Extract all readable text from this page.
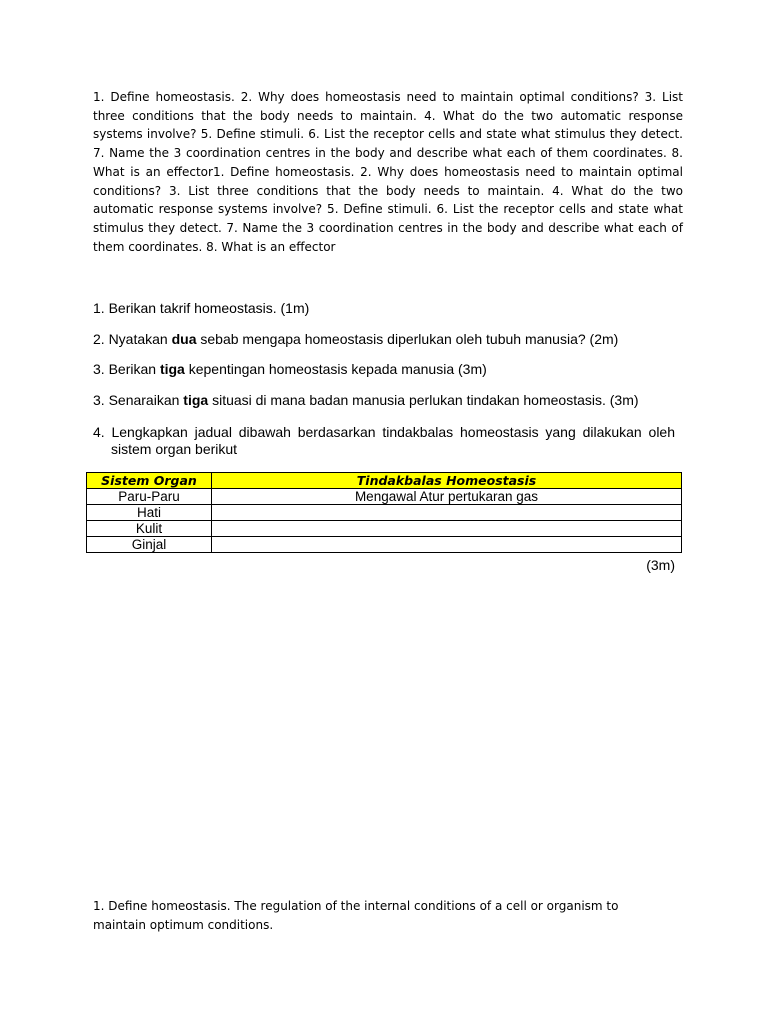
1. Define homeostasis. 2. Why does homeostasis need to maintain optimal conditions? 3. List three conditions that the body needs to maintain. 4. What do the two automatic response systems involve? 5. Define stimuli. 6. List the receptor cells and state what stimulus they detect. 7. Name the 3 coordination centres in the body and describe what each of them coordinates. 8. What is an effector1. Define homeostasis. 2. Why does homeostasis need to maintain optimal conditions? 3. List three conditions that the body needs to maintain. 4. What do the two automatic response systems involve? 5. Define stimuli. 6. List the receptor cells and state what stimulus they detect. 7. Name the 3 coordination centres in the body and describe what each of them coordinates. 8. What is an effector
1. Berikan takrif homeostasis. (1m)
2. Nyatakan dua sebab mengapa homeostasis diperlukan oleh tubuh manusia? (2m)
3. Berikan tiga kepentingan homeostasis kepada manusia (3m)
3. Senaraikan tiga situasi di mana badan manusia perlukan tindakan homeostasis. (3m)
4. Lengkapkan jadual dibawah berdasarkan tindakbalas homeostasis yang dilakukan oleh
sistem organ berikut
Sistem Organ	Tindakbalas Homeostasis
Paru-Paru	Mengawal Atur pertukaran gas
Hati	
Kulit	
Ginjal	
(3m)
1. Define homeostasis. The regulation of the internal conditions of a cell or organism to maintain optimum conditions.
